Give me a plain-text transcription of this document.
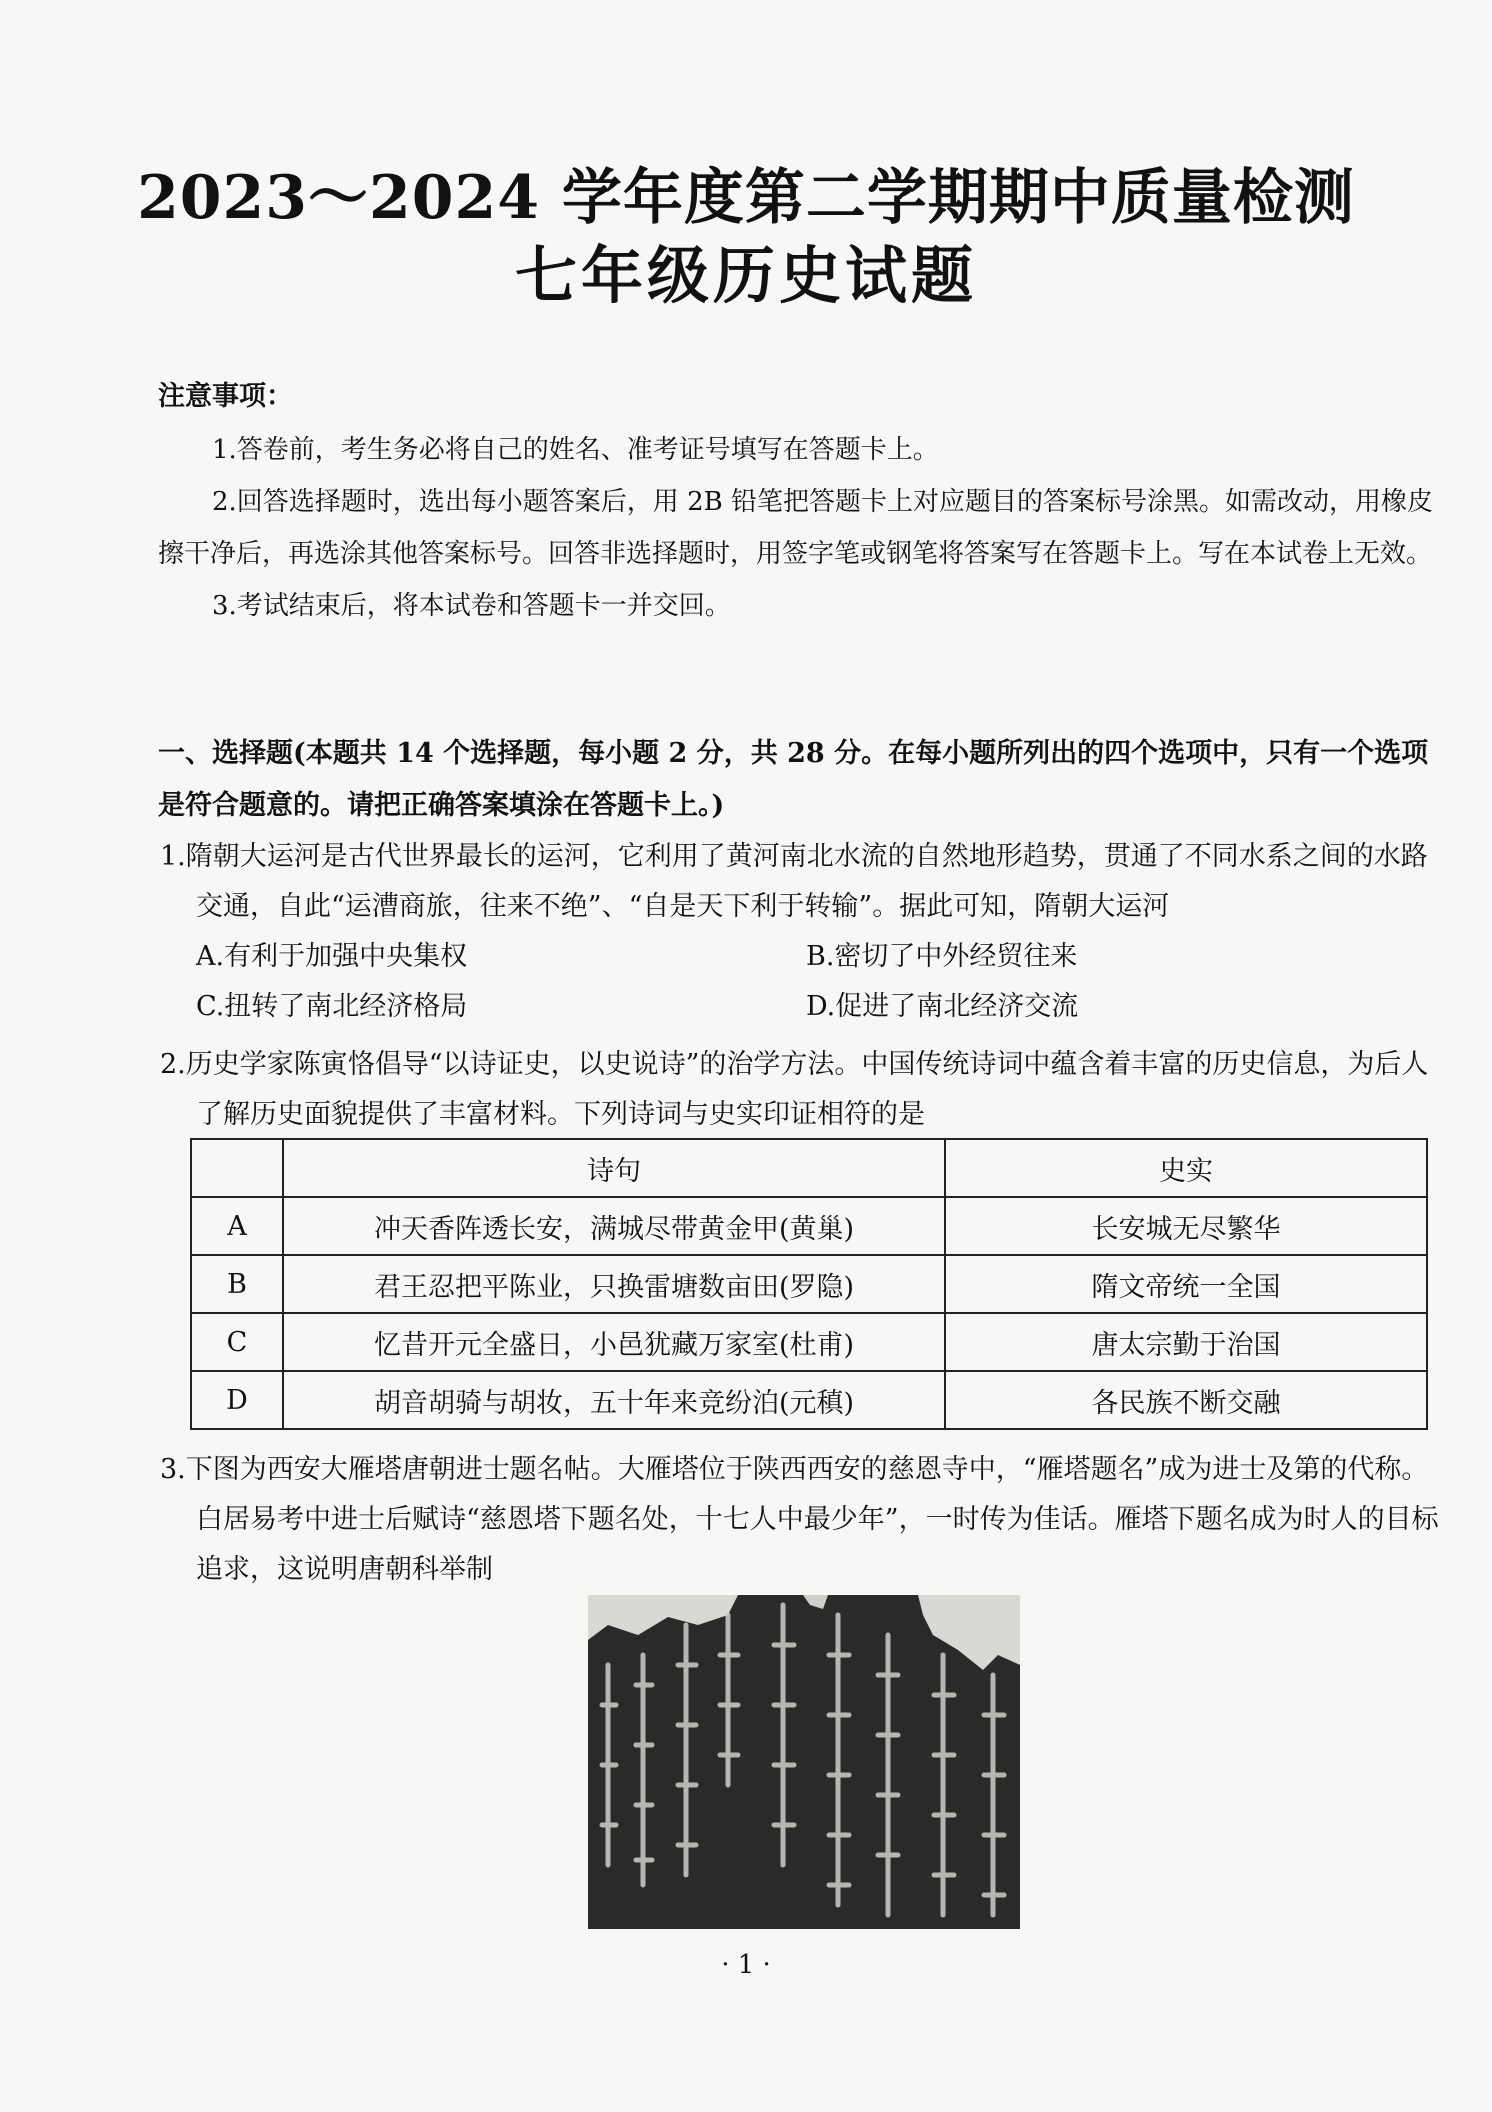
2023～2024 学年度第二学期期中质量检测
七年级历史试题
注意事项：

1.答卷前，考生务必将自己的姓名、准考证号填写在答题卡上。

2.回答选择题时，选出每小题答案后，用 2B 铅笔把答题卡上对应题目的答案标号涂黑。如需改动，用橡皮擦干净后，再选涂其他答案标号。回答非选择题时，用签字笔或钢笔将答案写在答题卡上。写在本试卷上无效。

3.考试结束后，将本试卷和答题卡一并交回。

一、选择题(本题共 14 个选择题，每小题 2 分，共 28 分。在每小题所列出的四个选项中，只有一个选项是符合题意的。请把正确答案填涂在答题卡上。)

1.隋朝大运河是古代世界最长的运河，它利用了黄河南北水流的自然地形趋势，贯通了不同水系之间的水路交通，自此“运漕商旅，往来不绝”、“自是天下利于转输”。据此可知，隋朝大运河

A.有利于加强中央集权	B.密切了中外经贸往来
C.扭转了南北经济格局	D.促进了南北经济交流

2.历史学家陈寅恪倡导“以诗证史，以史说诗”的治学方法。中国传统诗词中蕴含着丰富的历史信息，为后人了解历史面貌提供了丰富材料。下列诗词与史实印证相符的是

	诗句	史实
A	冲天香阵透长安，满城尽带黄金甲(黄巢)	长安城无尽繁华
B	君王忍把平陈业，只换雷塘数亩田(罗隐)	隋文帝统一全国
C	忆昔开元全盛日，小邑犹藏万家室(杜甫)	唐太宗勤于治国
D	胡音胡骑与胡妆，五十年来竞纷泊(元稹)	各民族不断交融

3.下图为西安大雁塔唐朝进士题名帖。大雁塔位于陕西西安的慈恩寺中，“雁塔题名”成为进士及第的代称。白居易考中进士后赋诗“慈恩塔下题名处，十七人中最少年”，一时传为佳话。雁塔下题名成为时人的目标追求，这说明唐朝科举制

· 1 ·
